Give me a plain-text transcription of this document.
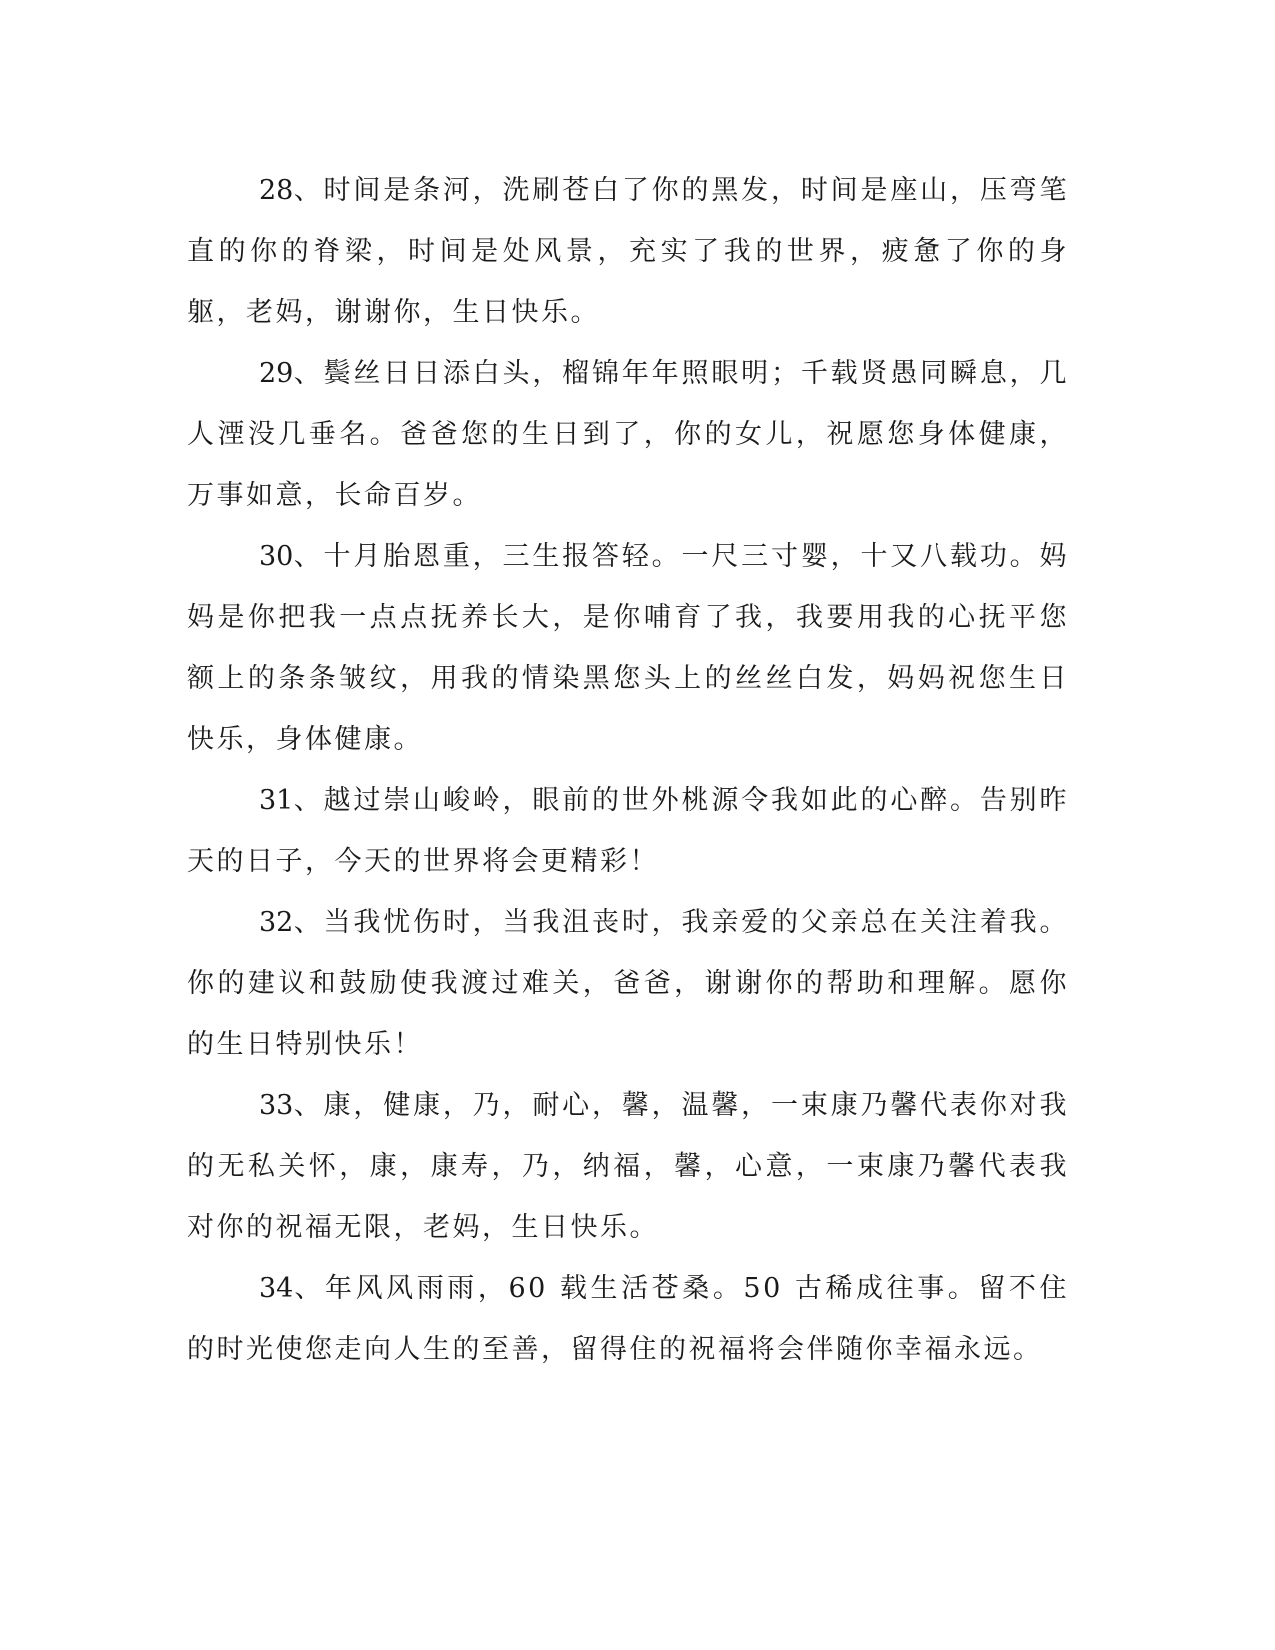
28、时间是条河，洗刷苍白了你的黑发，时间是座山，压弯笔直的你的脊梁，时间是处风景，充实了我的世界，疲惫了你的身躯，老妈，谢谢你，生日快乐。

29、鬓丝日日添白头，榴锦年年照眼明；千载贤愚同瞬息，几人湮没几垂名。爸爸您的生日到了，你的女儿，祝愿您身体健康，万事如意，长命百岁。

30、十月胎恩重，三生报答轻。一尺三寸婴，十又八载功。妈妈是你把我一点点抚养长大，是你哺育了我，我要用我的心抚平您额上的条条皱纹，用我的情染黑您头上的丝丝白发，妈妈祝您生日快乐，身体健康。

31、越过崇山峻岭，眼前的世外桃源令我如此的心醉。告别昨天的日子，今天的世界将会更精彩！

32、当我忧伤时，当我沮丧时，我亲爱的父亲总在关注着我。你的建议和鼓励使我渡过难关，爸爸，谢谢你的帮助和理解。愿你的生日特别快乐！

33、康，健康，乃，耐心，馨，温馨，一束康乃馨代表你对我的无私关怀，康，康寿，乃，纳福，馨，心意，一束康乃馨代表我对你的祝福无限，老妈，生日快乐。

34、年风风雨雨，60 载生活苍桑。50 古稀成往事。留不住的时光使您走向人生的至善，留得住的祝福将会伴随你幸福永远。
